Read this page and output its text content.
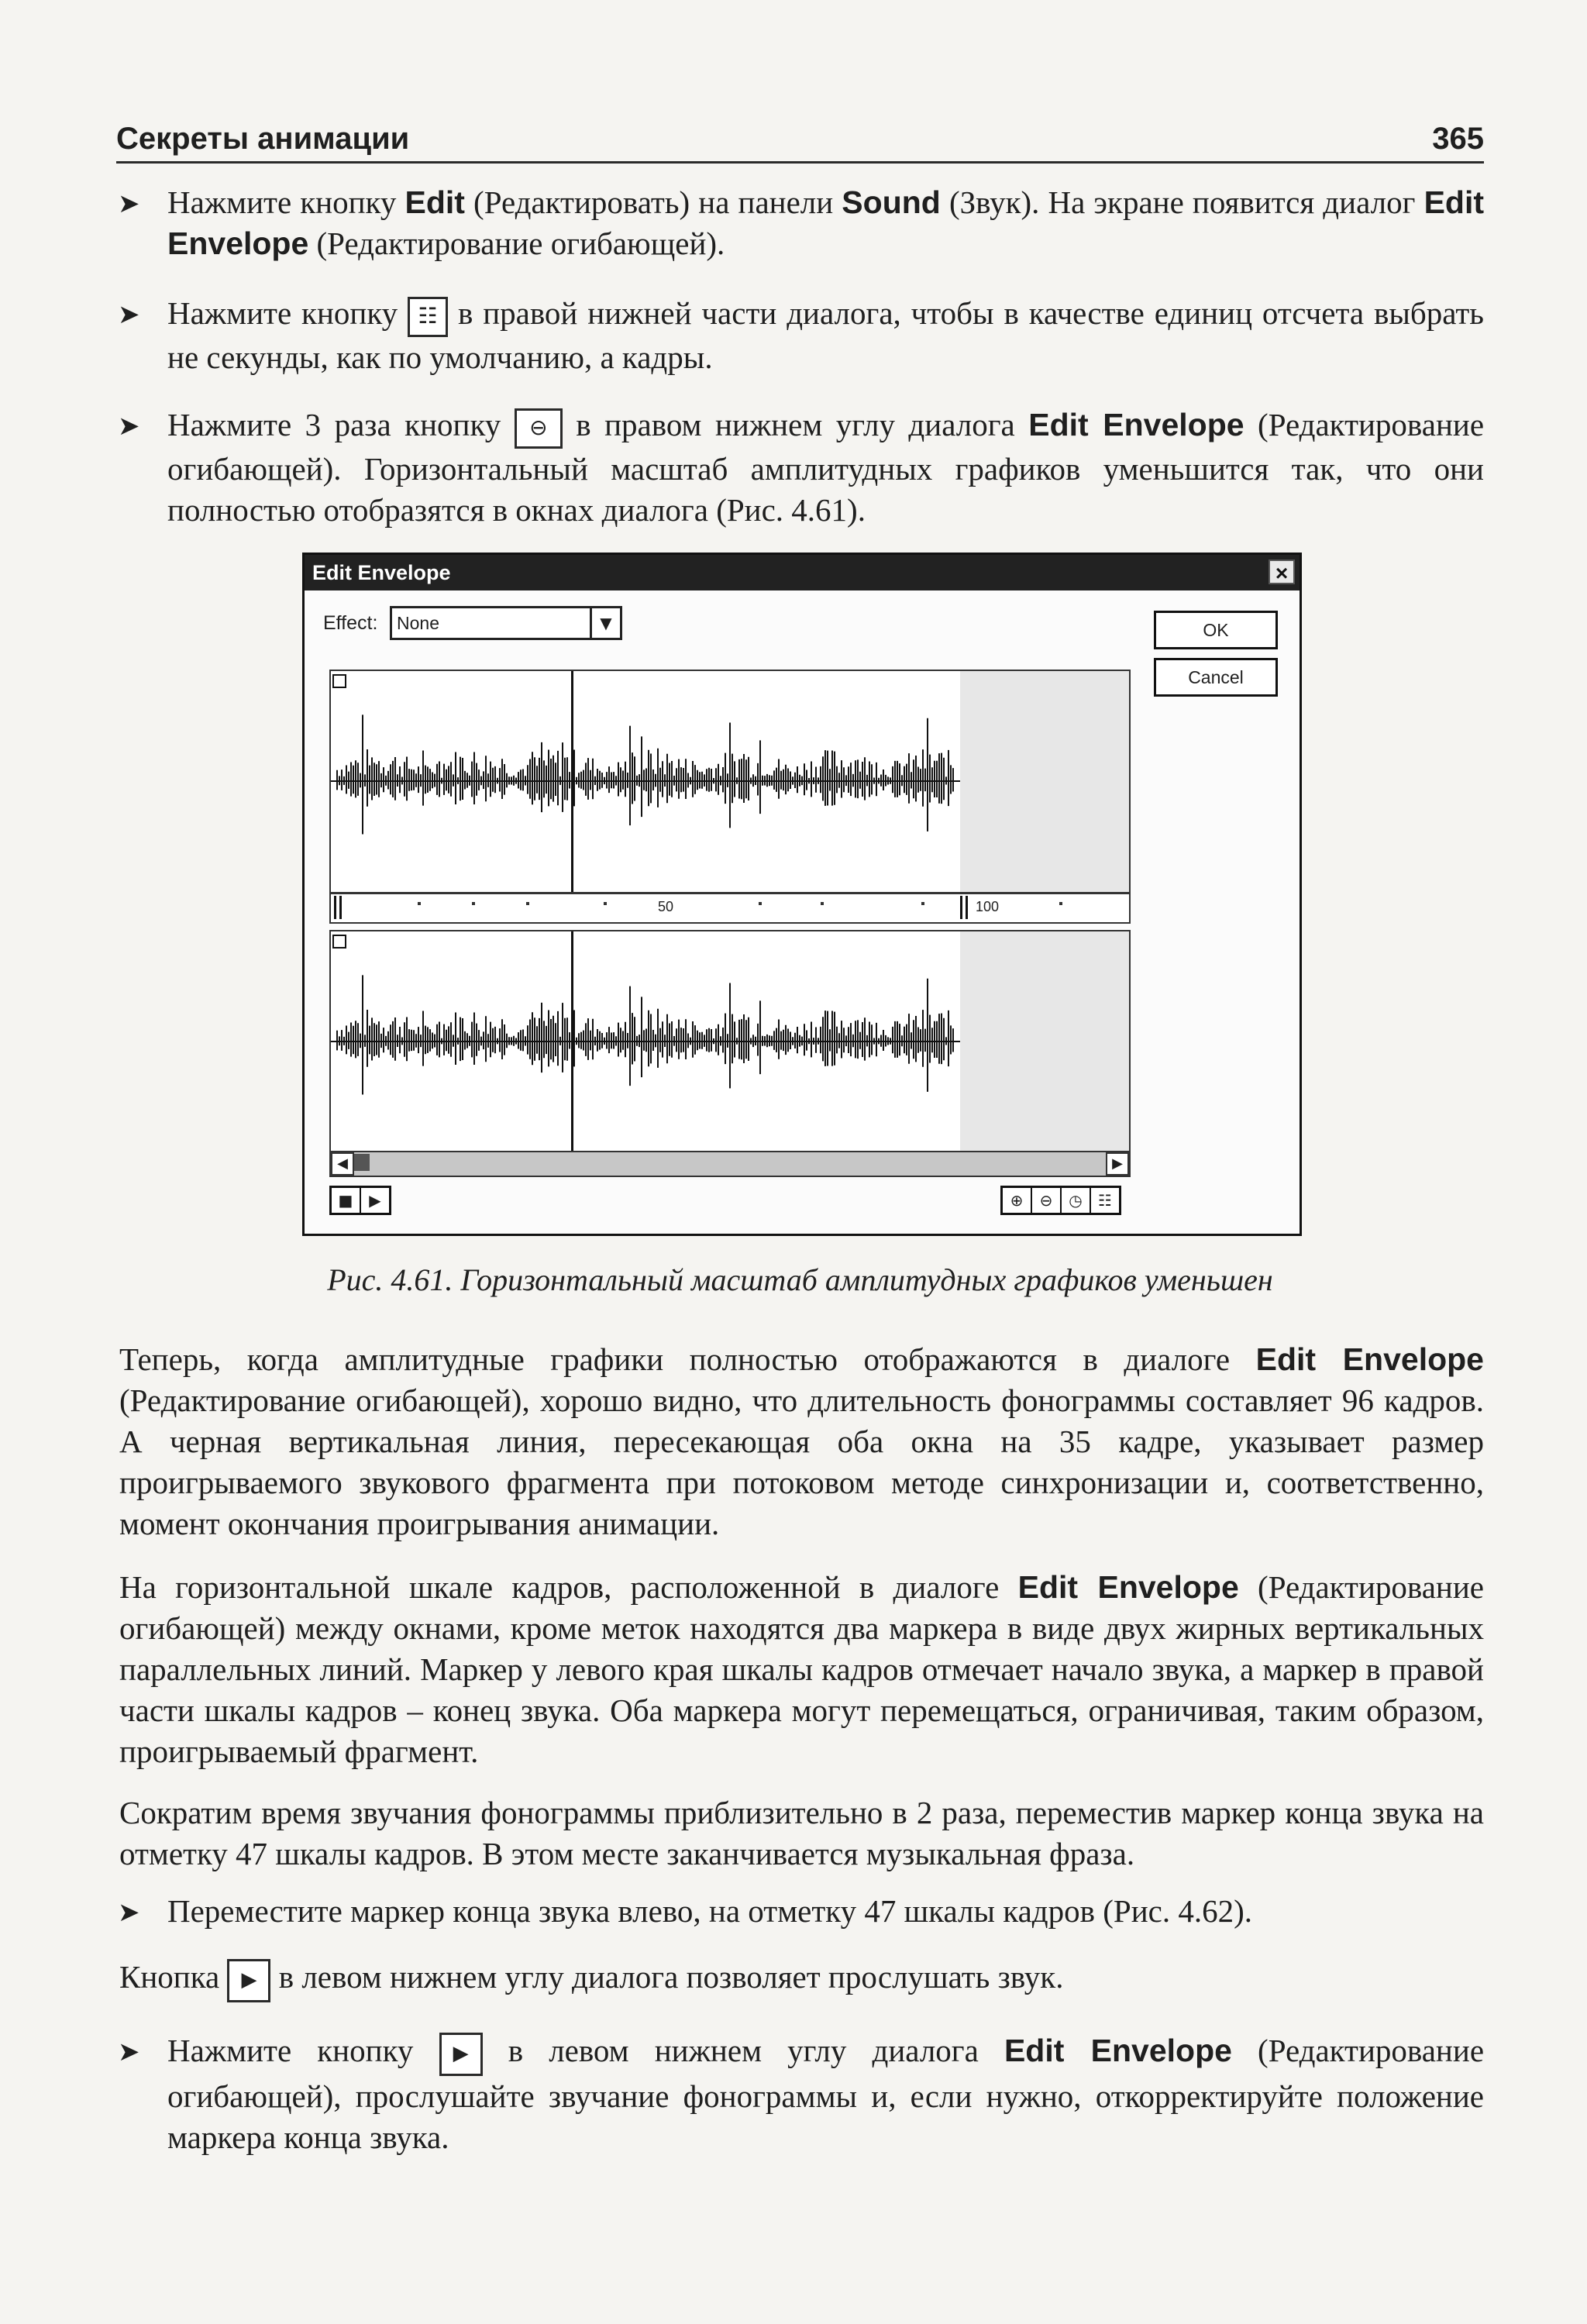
Секреты анимации	365
➤ Нажмите кнопку Edit (Редактировать) на панели Sound (Звук). На экране появится диалог Edit Envelope (Редактирование огибающей).
➤ Нажмите кнопку ☷ в правой нижней части диалога, чтобы в качестве единиц отсчета выбрать не секунды, как по умолчанию, а кадры.
➤ Нажмите 3 раза кнопку ⊖ в правом нижнем углу диалога Edit Envelope (Редактирование огибающей). Горизонтальный масштаб амплитудных графиков уменьшится так, что они полностью отобразятся в окнах диалога (Рис. 4.61).
Edit Envelope	×
Effect:	None	▼	OK
Cancel
50	100
◀	▶
■	▶	⊕	⊖	◷	☷
Рис. 4.61. Горизонтальный масштаб амплитудных графиков уменьшен
Теперь, когда амплитудные графики полностью отображаются в диалоге Edit Envelope (Редактирование огибающей), хорошо видно, что длительность фонограммы составляет 96 кадров. А черная вертикальная линия, пересекающая оба окна на 35 кадре, указывает размер проигрываемого звукового фрагмента при потоковом методе синхронизации и, соответственно, момент окончания проигрывания анимации.
На горизонтальной шкале кадров, расположенной в диалоге Edit Envelope (Редактирование огибающей) между окнами, кроме меток находятся два маркера в виде двух жирных вертикальных параллельных линий. Маркер у левого края шкалы кадров отмечает начало звука, а маркер в правой части шкалы кадров – конец звука. Оба маркера могут перемещаться, ограничивая, таким образом, проигрываемый фрагмент.
Сократим время звучания фонограммы приблизительно в 2 раза, переместив маркер конца звука на отметку 47 шкалы кадров. В этом месте заканчивается музыкальная фраза.
➤ Переместите маркер конца звука влево, на отметку 47 шкалы кадров (Рис. 4.62).
Кнопка ▶ в левом нижнем углу диалога позволяет прослушать звук.
➤ Нажмите кнопку ▶ в левом нижнем углу диалога Edit Envelope (Редактирование огибающей), прослушайте звучание фонограммы и, если нужно, откорректируйте положение маркера конца звука.
